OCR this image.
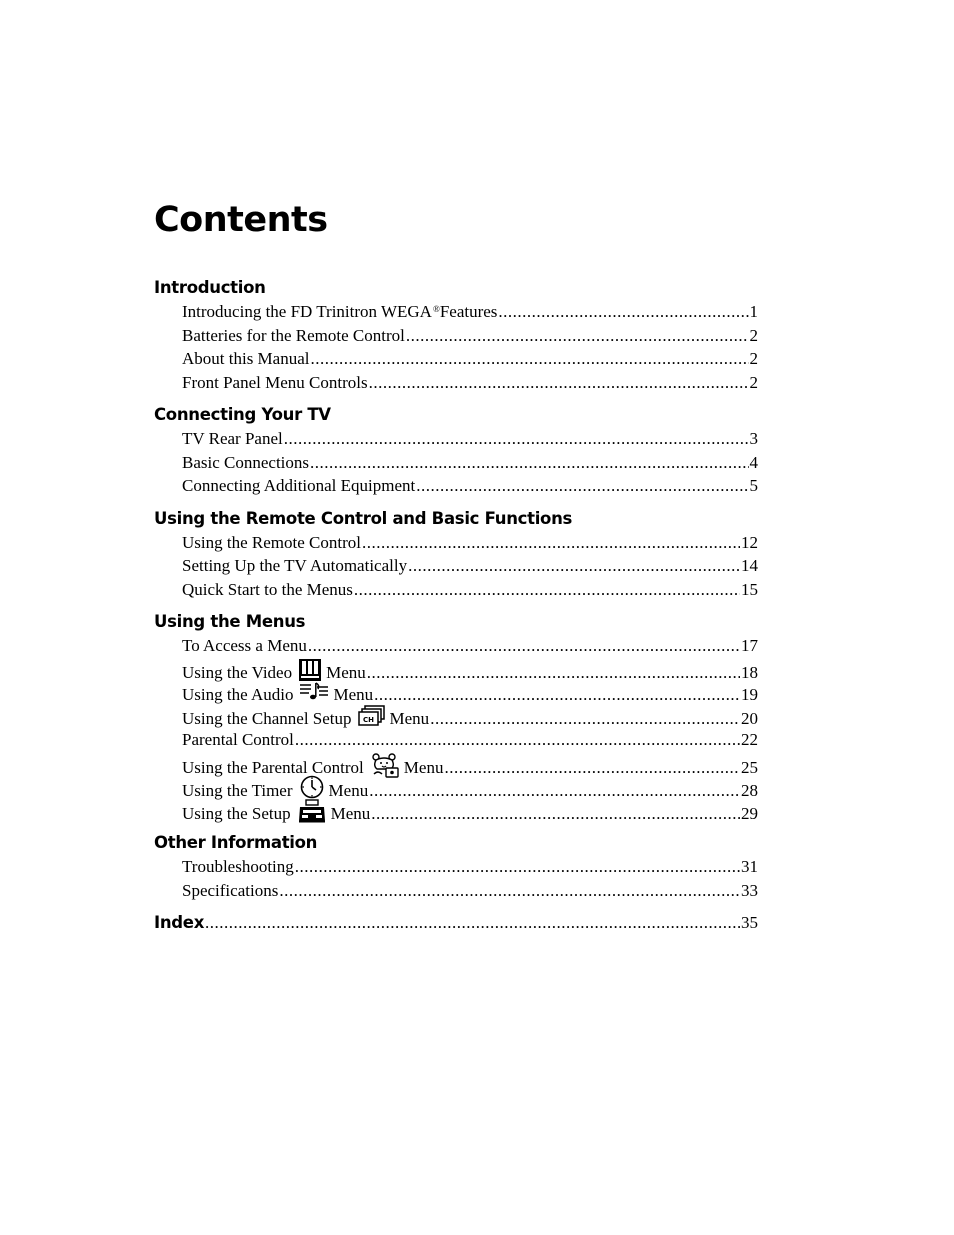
Contents
Introduction
Introducing the FD Trinitron WEGA® Features .....	1
Batteries for the Remote Control .....	2
About this Manual .....	2
Front Panel Menu Controls .....	2
Connecting Your TV
TV Rear Panel .....	3
Basic Connections .....	4
Connecting Additional Equipment .....	5
Using the Remote Control and Basic Functions
Using the Remote Control .....	12
Setting Up the TV Automatically .....	14
Quick Start to the Menus .....	15
Using the Menus
To Access a Menu .....	17
Using the Video Menu .....	18
Using the Audio Menu .....	19
Using the Channel Setup CH Menu .....	20
Parental Control .....	22
Using the Parental Control Menu .....	25
Using the Timer Menu .....	28
Using the Setup Menu .....	29
Other Information
Troubleshooting .....	31
Specifications .....	33
Index .....	35
